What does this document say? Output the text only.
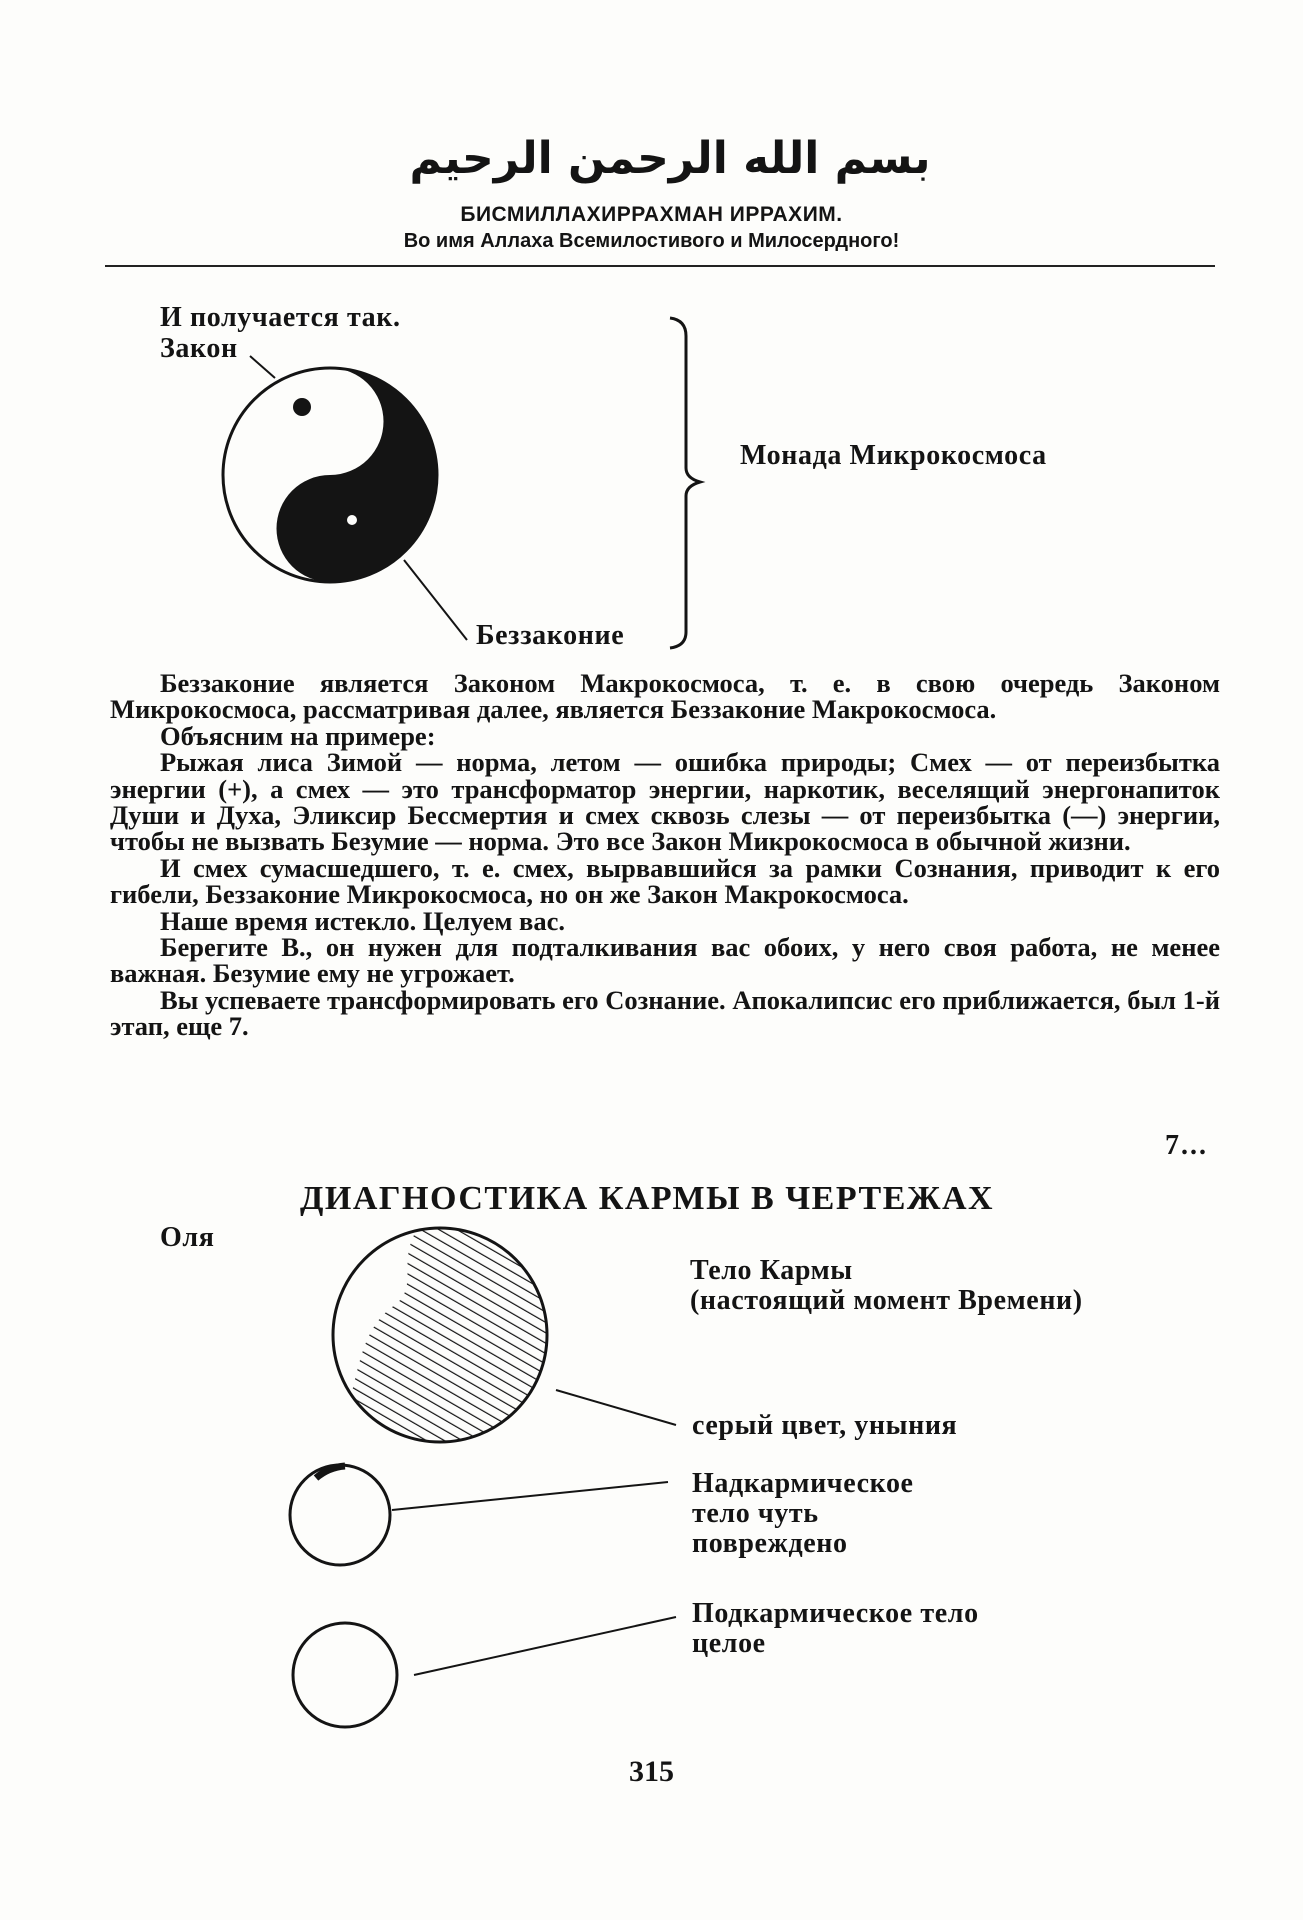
بسم الله الرحمن الرحيم
БИСМИЛЛАХИРРАХМАН ИРРАХИМ.
Во имя Аллаха Всемилостивого и Милосердного!
И получается так.
Закон
Монада Микрокосмоса
Беззаконие

Беззаконие является Законом Макрокосмоса, т. е. в свою очередь Законом Микрокосмоса, рассматривая далее, является Беззаконие Макрокосмоса.

Объясним на примере:

Рыжая лиса Зимой — норма, летом — ошибка природы; Смех — от переизбытка энергии (+), а смех — это трансформатор энергии, наркотик, веселящий энергонапиток Души и Духа, Эликсир Бессмертия и смех сквозь слезы — от переизбытка (—) энергии, чтобы не вызвать Безумие — норма. Это все Закон Микрокосмоса в обычной жизни.

И смех сумасшедшего, т. е. смех, вырвавшийся за рамки Сознания, приводит к его гибели, Беззаконие Микрокосмоса, но он же Закон Макрокосмоса.

Наше время истекло. Целуем вас.

Берегите В., он нужен для подталкивания вас обоих, у него своя работа, не менее важная. Безумие ему не угрожает.

Вы успеваете трансформировать его Сознание. Апокалипсис его приближается, был 1-й этап, еще 7.

7...
ДИАГНОСТИКА КАРМЫ В ЧЕРТЕЖАХ
Оля
Тело Кармы
(настоящий момент Времени)
серый цвет, уныния
Надкармическое
тело чуть
повреждено
Подкармическое тело
целое
315
